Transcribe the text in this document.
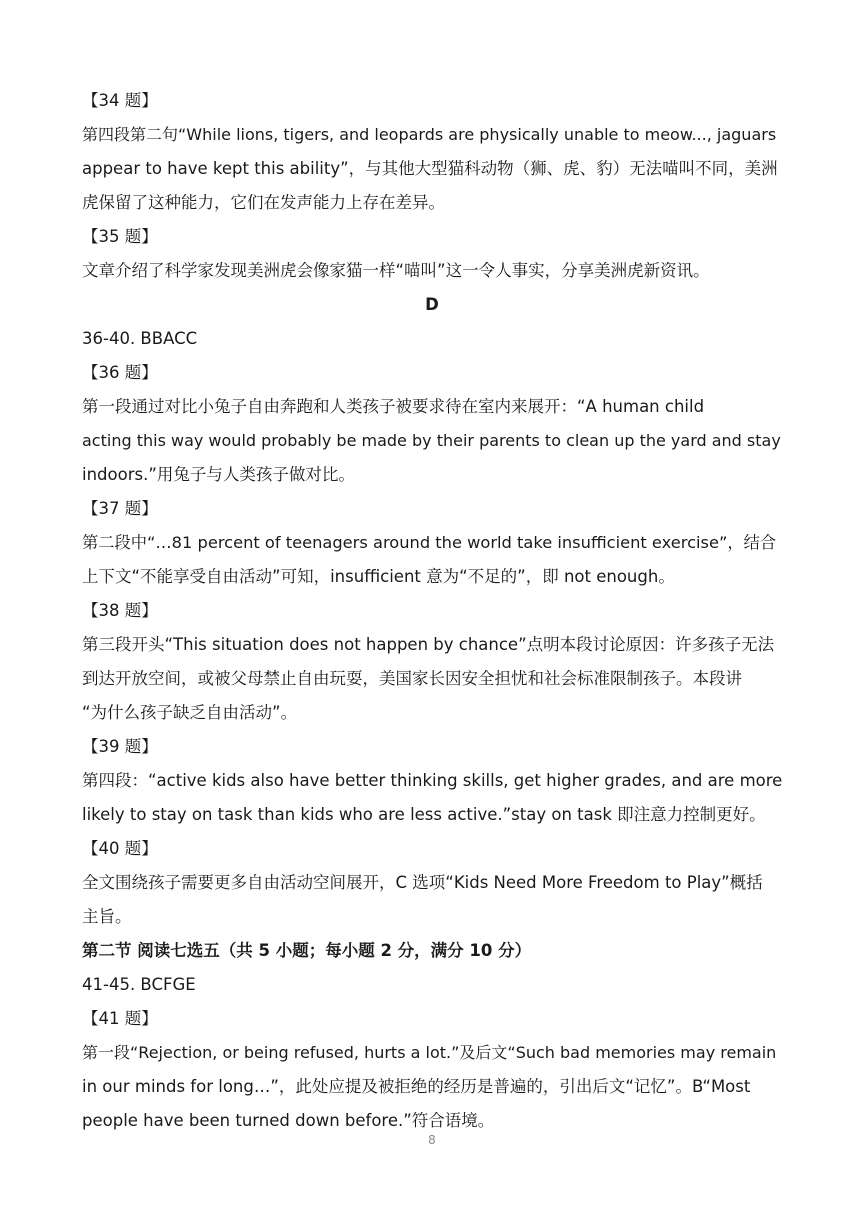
【34 题】
第四段第二句“While lions, tigers, and leopards are physically unable to meow..., jaguars
appear to have kept this ability”，与其他大型猫科动物（狮、虎、豹）无法喵叫不同，美洲
虎保留了这种能力，它们在发声能力上存在差异。
【35 题】
文章介绍了科学家发现美洲虎会像家猫一样“喵叫”这一令人事实，分享美洲虎新资讯。
D
36-40. BBACC
【36 题】
第一段通过对比小兔子自由奔跑和人类孩子被要求待在室内来展开：“A human child
acting this way would probably be made by their parents to clean up the yard and stay
indoors.”用兔子与人类孩子做对比。
【37 题】
第二段中“…81 percent of teenagers around the world take insufficient exercise”，结合
上下文“不能享受自由活动”可知，insufficient 意为“不足的”，即 not enough。
【38 题】
第三段开头“This situation does not happen by chance”点明本段讨论原因：许多孩子无法
到达开放空间，或被父母禁止自由玩耍，美国家长因安全担忧和社会标准限制孩子。本段讲
“为什么孩子缺乏自由活动”。
【39 题】
第四段：“active kids also have better thinking skills, get higher grades, and are more
likely to stay on task than kids who are less active.”stay on task 即注意力控制更好。
【40 题】
全文围绕孩子需要更多自由活动空间展开，C 选项“Kids Need More Freedom to Play”概括
主旨。
第二节 阅读七选五（共 5 小题；每小题 2 分，满分 10 分）
41-45. BCFGE
【41 题】
第一段“Rejection, or being refused, hurts a lot.”及后文“Such bad memories may remain
in our minds for long…”，此处应提及被拒绝的经历是普遍的，引出后文“记忆”。B“Most
people have been turned down before.”符合语境。
8
